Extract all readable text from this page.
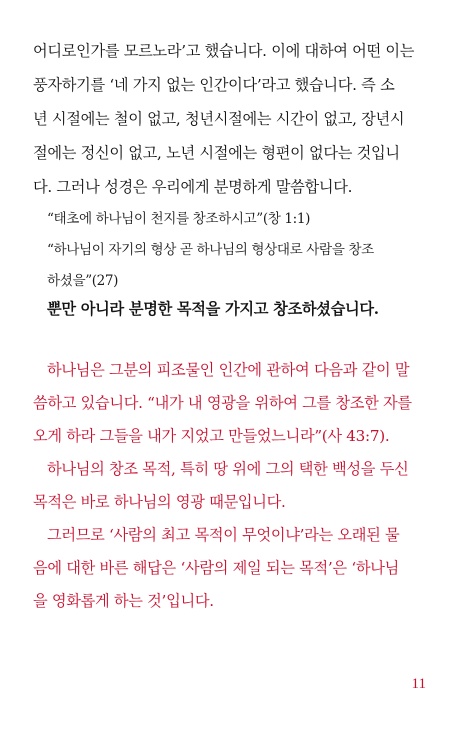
어디로인가를 모르노라’고 했습니다. 이에 대하여 어떤 이는
풍자하기를 ‘네 가지 없는 인간이다’라고 했습니다. 즉 소
년 시절에는 철이 없고, 청년시절에는 시간이 없고, 장년시
절에는 정신이 없고, 노년 시절에는 형편이 없다는 것입니
다. 그러나 성경은 우리에게 분명하게 말씀합니다.
“태초에 하나님이 천지를 창조하시고”(창 1:1)
“하나님이 자기의 형상 곧 하나님의 형상대로 사람을 창조
하셨을”(27)
뿐만 아니라 분명한 목적을 가지고 창조하셨습니다.
하나님은 그분의 피조물인 인간에 관하여 다음과 같이 말
씀하고 있습니다. “내가 내 영광을 위하여 그를 창조한 자를
오게 하라 그들을 내가 지었고 만들었느니라”(사 43:7).
하나님의 창조 목적, 특히 땅 위에 그의 택한 백성을 두신
목적은 바로 하나님의 영광 때문입니다.
그러므로 ‘사람의 최고 목적이 무엇이냐’라는 오래된 물
음에 대한 바른 해답은 ‘사람의 제일 되는 목적’은 ‘하나님
을 영화롭게 하는 것’입니다.
11
